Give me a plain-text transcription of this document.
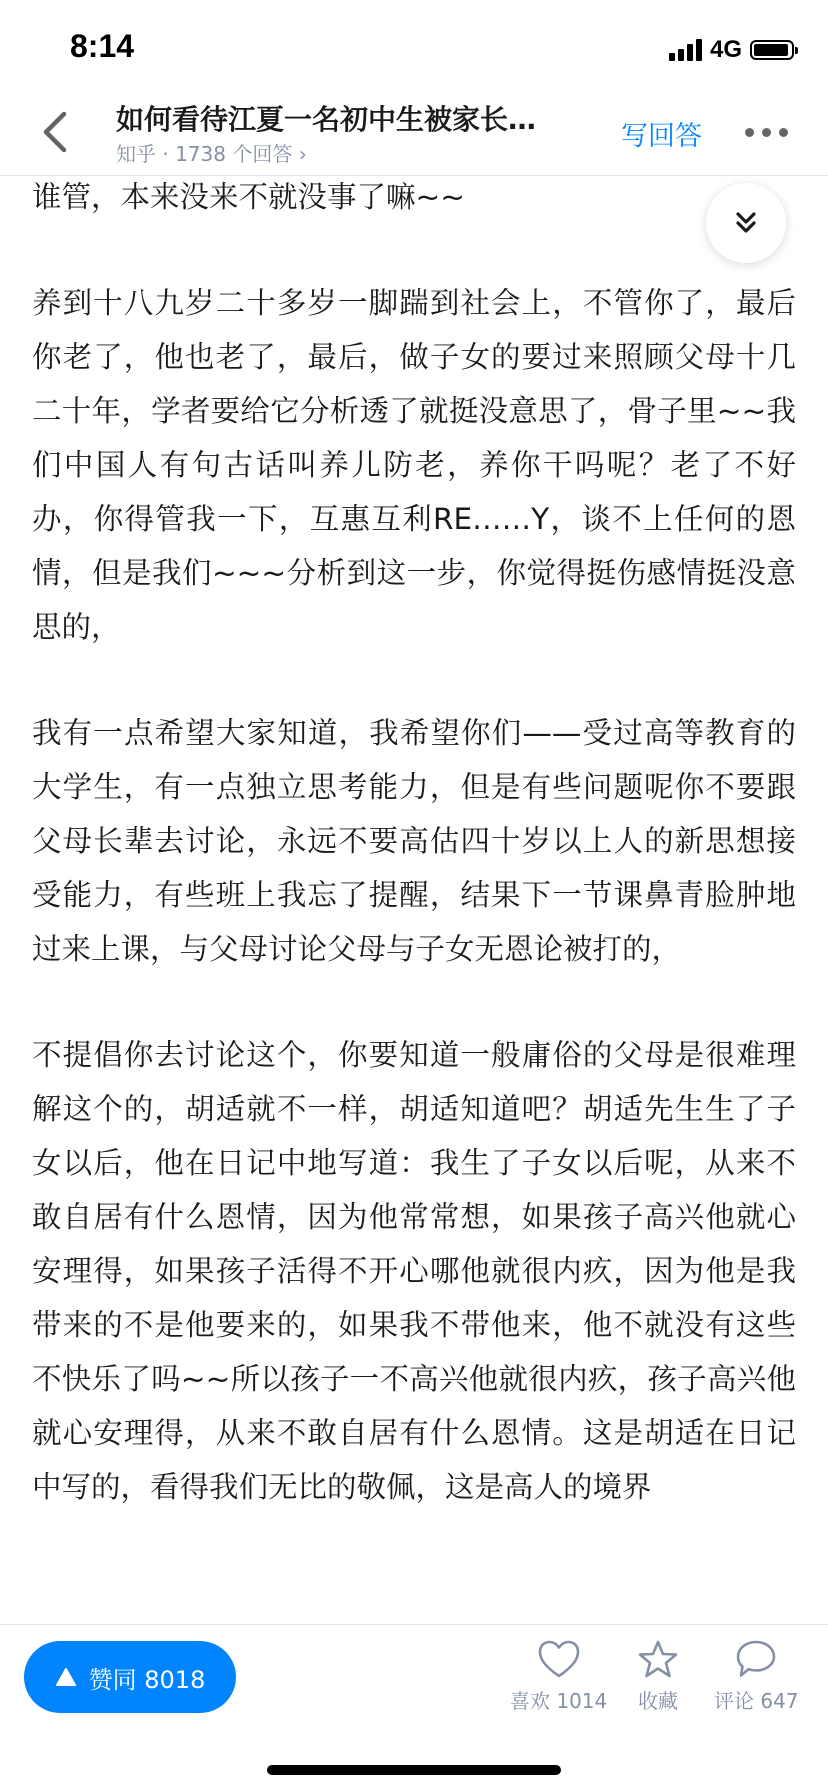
8:14	4G
如何看待江夏一名初中生被家长…
知乎 · 1738 个回答 ›
写回答

谁管，本来没来不就没事了嘛~~

养到十八九岁二十多岁一脚踹到社会上，不管你了，最后你老了，他也老了，最后，做子女的要过来照顾父母十几二十年，学者要给它分析透了就挺没意思了，骨子里~~我们中国人有句古话叫养儿防老，养你干吗呢？老了不好办，你得管我一下，互惠互利RE……Y，谈不上任何的恩情，但是我们~~~分析到这一步，你觉得挺伤感情挺没意思的，

我有一点希望大家知道，我希望你们——受过高等教育的大学生，有一点独立思考能力，但是有些问题呢你不要跟父母长辈去讨论，永远不要高估四十岁以上人的新思想接受能力，有些班上我忘了提醒，结果下一节课鼻青脸肿地过来上课，与父母讨论父母与子女无恩论被打的，

不提倡你去讨论这个，你要知道一般庸俗的父母是很难理解这个的，胡适就不一样，胡适知道吧？胡适先生生了子女以后，他在日记中地写道：我生了子女以后呢，从来不敢自居有什么恩情，因为他常常想，如果孩子高兴他就心安理得，如果孩子活得不开心哪他就很内疚，因为他是我带来的不是他要来的，如果我不带他来，他不就没有这些不快乐了吗~~所以孩子一不高兴他就很内疚，孩子高兴他就心安理得，从来不敢自居有什么恩情。这是胡适在日记中写的，看得我们无比的敬佩，这是高人的境界

赞同 8018
喜欢 1014 收藏 评论 647
